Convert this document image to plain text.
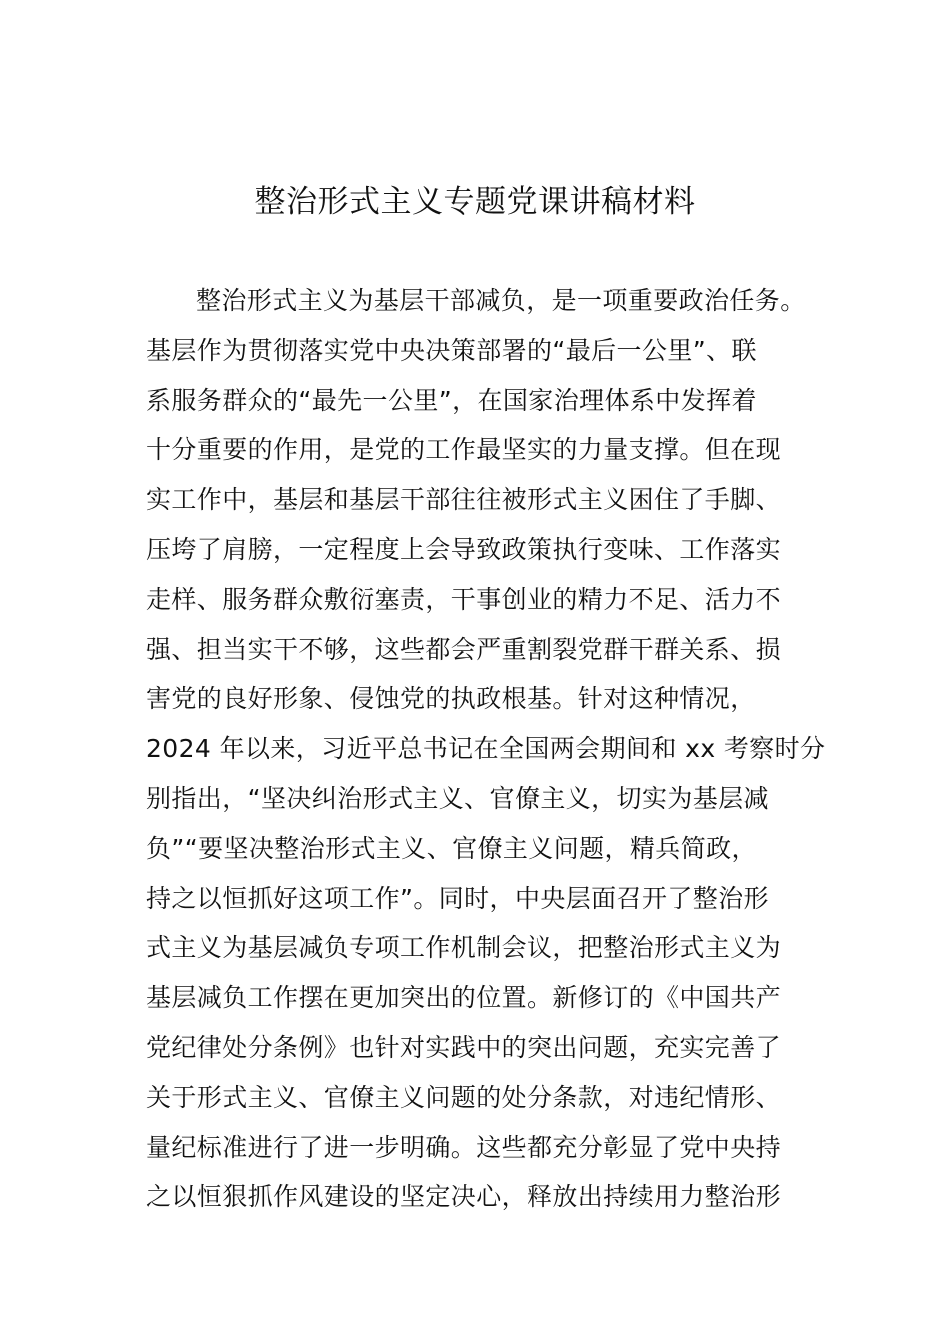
整治形式主义专题党课讲稿材料
整治形式主义为基层干部减负，是一项重要政治任务。
基层作为贯彻落实党中央决策部署的“最后一公里”、联
系服务群众的“最先一公里”，在国家治理体系中发挥着
十分重要的作用，是党的工作最坚实的力量支撑。但在现
实工作中，基层和基层干部往往被形式主义困住了手脚、
压垮了肩膀，一定程度上会导致政策执行变味、工作落实
走样、服务群众敷衍塞责，干事创业的精力不足、活力不
强、担当实干不够，这些都会严重割裂党群干群关系、损
害党的良好形象、侵蚀党的执政根基。针对这种情况，
2024 年以来，习近平总书记在全国两会期间和 xx 考察时分
别指出，“坚决纠治形式主义、官僚主义，切实为基层减
负”“要坚决整治形式主义、官僚主义问题，精兵简政，
持之以恒抓好这项工作”。同时，中央层面召开了整治形
式主义为基层减负专项工作机制会议，把整治形式主义为
基层减负工作摆在更加突出的位置。新修订的《中国共产
党纪律处分条例》也针对实践中的突出问题，充实完善了
关于形式主义、官僚主义问题的处分条款，对违纪情形、
量纪标准进行了进一步明确。这些都充分彰显了党中央持
之以恒狠抓作风建设的坚定决心，释放出持续用力整治形
